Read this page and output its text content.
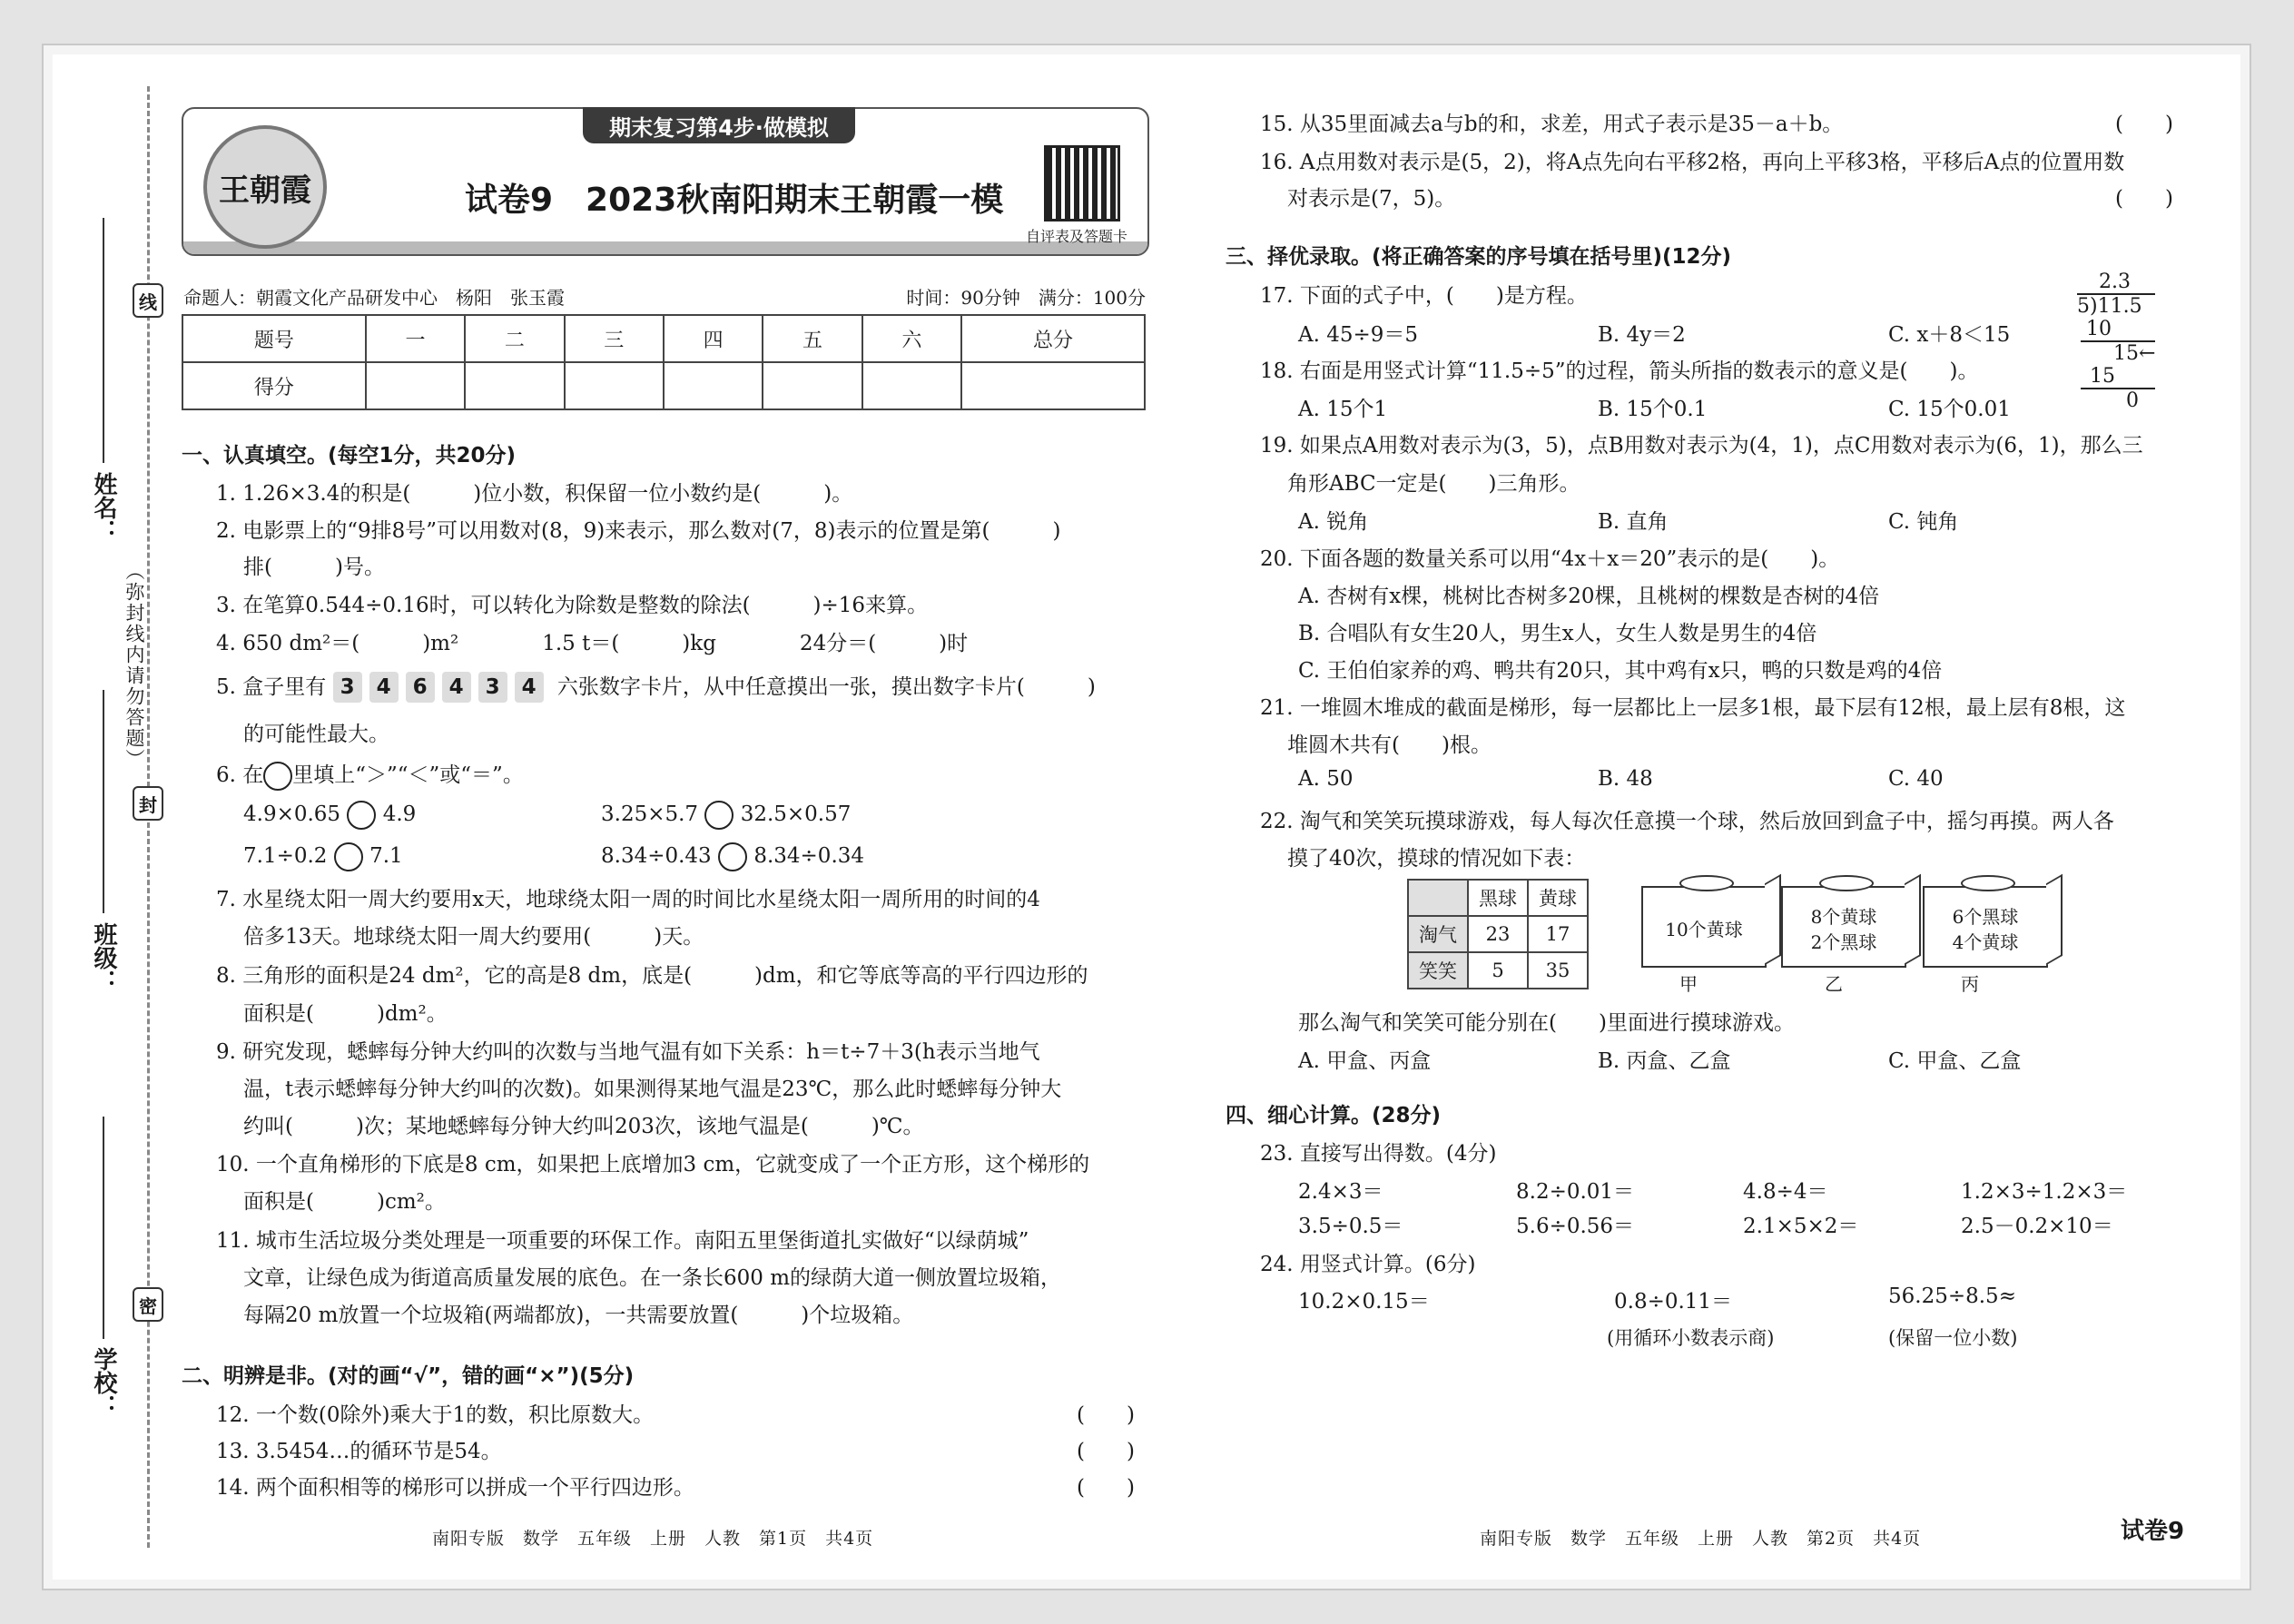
线
封
密
姓名：
班级：
学校：
（弥封线内请勿答题）
王朝霞
期末复习第4步·做模拟
试卷9　2023秋南阳期末王朝霞一模
自评表及答题卡
命题人：朝霞文化产品研发中心　杨阳　张玉霞	时间：90分钟　满分：100分
题号	一	二	三	四	五	六	总分
得分							
一、认真填空。(每空1分，共20分)
1. 1.26×3.4的积是(　　　)位小数，积保留一位小数约是(　　　)。
2. 电影票上的“9排8号”可以用数对(8，9)来表示，那么数对(7，8)表示的位置是第(　　　)
排(　　　)号。
3. 在笔算0.544÷0.16时，可以转化为除数是整数的除法(　　　)÷16来算。
4. 650 dm²＝(　　　)m²　　　　1.5 t＝(　　　)kg　　　　24分＝(　　　)时
5. 盒子里有 3 4 6 4 3 4 六张数字卡片，从中任意摸出一张，摸出数字卡片(　　　)
的可能性最大。
6. 在 里填上“＞”“＜”或“＝”。
4.9×0.65 4.9	3.25×5.7 32.5×0.57
7.1÷0.2 7.1	8.34÷0.43 8.34÷0.34
7. 水星绕太阳一周大约要用x天，地球绕太阳一周的时间比水星绕太阳一周所用的时间的4
倍多13天。地球绕太阳一周大约要用(　　　)天。
8. 三角形的面积是24 dm²，它的高是8 dm，底是(　　　)dm，和它等底等高的平行四边形的
面积是(　　　)dm²。
9. 研究发现，蟋蟀每分钟大约叫的次数与当地气温有如下关系：h＝t÷7＋3(h表示当地气
温，t表示蟋蟀每分钟大约叫的次数)。如果测得某地气温是23℃，那么此时蟋蟀每分钟大
约叫(　　　)次；某地蟋蟀每分钟大约叫203次，该地气温是(　　　)℃。
10. 一个直角梯形的下底是8 cm，如果把上底增加3 cm，它就变成了一个正方形，这个梯形的
面积是(　　　)cm²。
11. 城市生活垃圾分类处理是一项重要的环保工作。南阳五里堡街道扎实做好“以绿荫城”
文章，让绿色成为街道高质量发展的底色。在一条长600 m的绿荫大道一侧放置垃圾箱，
每隔20 m放置一个垃圾箱(两端都放)，一共需要放置(　　　)个垃圾箱。
二、明辨是非。(对的画“√”，错的画“×”)(5分)
12. 一个数(0除外)乘大于1的数，积比原数大。	(　　)
13. 3.5454…的循环节是54。	(　　)
14. 两个面积相等的梯形可以拼成一个平行四边形。	(　　)
南阳专版　数学　五年级　上册　人教　第1页　共4页
15. 从35里面减去a与b的和，求差，用式子表示是35－a＋b。	(　　)
16. A点用数对表示是(5，2)，将A点先向右平移2格，再向上平移3格，平移后A点的位置用数
对表示是(7，5)。	(　　)
三、择优录取。(将正确答案的序号填在括号里)(12分)
17. 下面的式子中，(　　)是方程。
A. 45÷9＝5	B. 4y＝2	C. x＋8＜15
18. 右面是用竖式计算“11.5÷5”的过程，箭头所指的数表示的意义是(　　)。
A. 15个1	B. 15个0.1	C. 15个0.01
2.3
5)11.5
10
15←
15
0
19. 如果点A用数对表示为(3，5)，点B用数对表示为(4，1)，点C用数对表示为(6，1)，那么三
角形ABC一定是(　　)三角形。
A. 锐角	B. 直角	C. 钝角
20. 下面各题的数量关系可以用“4x＋x＝20”表示的是(　　)。
A. 杏树有x棵，桃树比杏树多20棵，且桃树的棵数是杏树的4倍
B. 合唱队有女生20人，男生x人，女生人数是男生的4倍
C. 王伯伯家养的鸡、鸭共有20只，其中鸡有x只，鸭的只数是鸡的4倍
21. 一堆圆木堆成的截面是梯形，每一层都比上一层多1根，最下层有12根，最上层有8根，这
堆圆木共有(　　)根。
A. 50	B. 48	C. 40
22. 淘气和笑笑玩摸球游戏，每人每次任意摸一个球，然后放回到盒子中，摇匀再摸。两人各
摸了40次，摸球的情况如下表：
	黑球	黄球
淘气	23	17
笑笑	5	35
10个黄球
甲
8个黄球
2个黑球
乙
6个黑球
4个黄球
丙
那么淘气和笑笑可能分别在(　　)里面进行摸球游戏。
A. 甲盒、丙盒	B. 丙盒、乙盒	C. 甲盒、乙盒
四、细心计算。(28分)
23. 直接写出得数。(4分)
2.4×3＝	8.2÷0.01＝	4.8÷4＝	1.2×3÷1.2×3＝
3.5÷0.5＝	5.6÷0.56＝	2.1×5×2＝	2.5－0.2×10＝
24. 用竖式计算。(6分)
10.2×0.15＝	0.8÷0.11＝	56.25÷8.5≈
(用循环小数表示商)	(保留一位小数)
南阳专版　数学　五年级　上册　人教　第2页　共4页	试卷9
